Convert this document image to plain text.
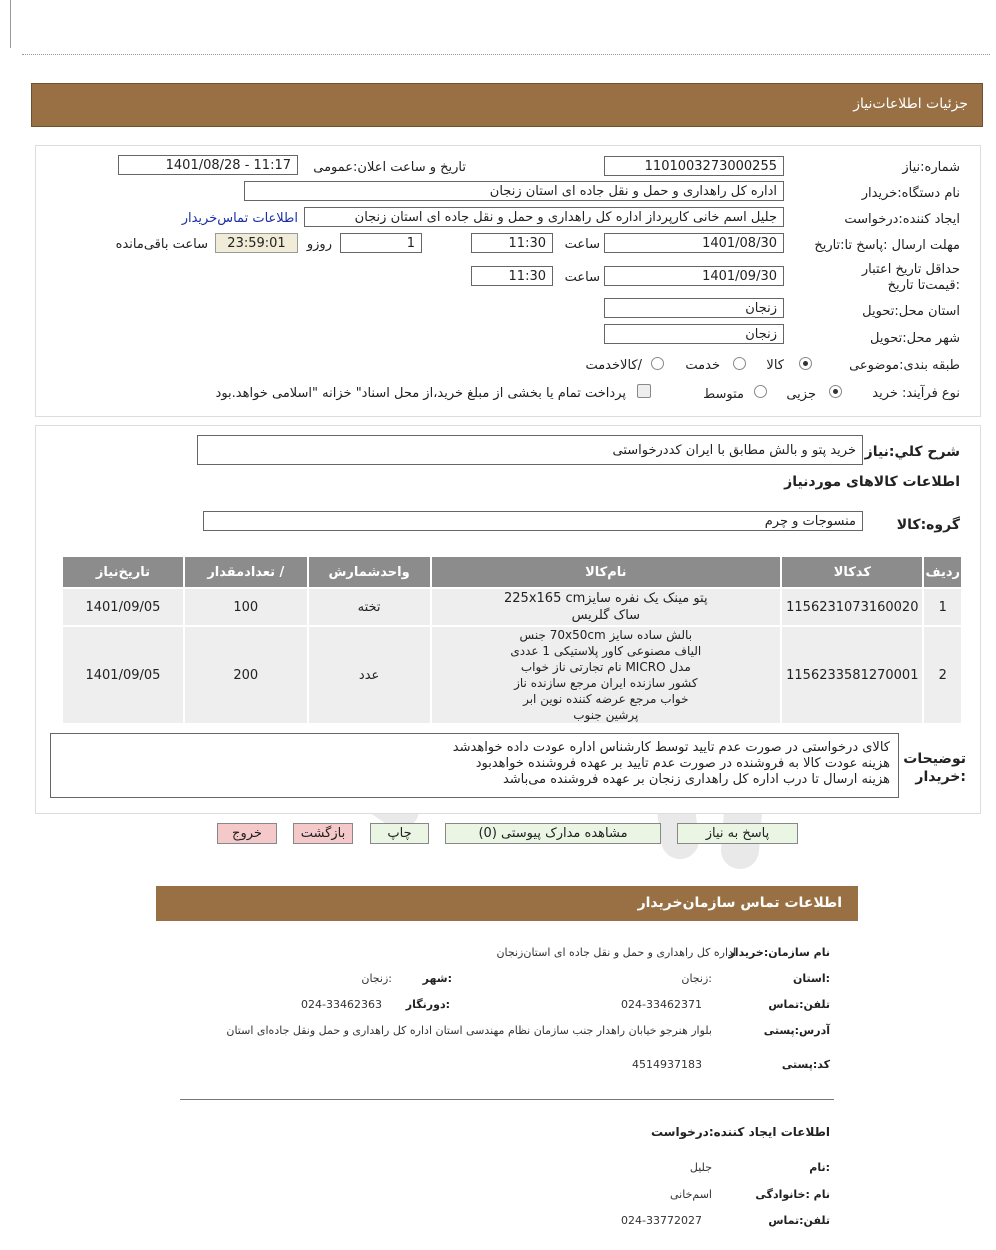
جزئیات اطلاعات‌نیاز
شماره:نیاز
1101003273000255
تاریخ و ساعت اعلان:عمومی
1401/08/28 - 11:17
نام دستگاه:خریدار
اداره کل راهداری و حمل و نقل جاده ای استان زنجان
ایجاد کننده:درخواست
جلیل اسم خانی کارپرداز اداره کل راهداری و حمل و نقل جاده ای استان زنجان
اطلاعات تماس‌خریدار
مهلت ارسال :پاسخ تا:تاریخ
1401/08/30
ساعت
11:30
1
روزو
23:59:01
ساعت باقی‌مانده
حداقل تاریخ اعتبار :قیمت‌تا تاریخ
1401/09/30
ساعت
11:30
استان محل:تحویل
زنجان
شهر محل:تحویل
زنجان
طبقه بندی:موضوعی
کالا
خدمت
/کالاخدمت
نوع فرآیند: خرید
جزیی
متوسط
پرداخت تمام یا بخشی از مبلغ خرید،از محل اسناد" خزانه "اسلامی خواهد.بود
شرح کلي:نياز
خرید پتو و بالش مطابق با ایران کددرخواستی
اطلاعات کالاهای موردنیاز
گروه:کالا
منسوجات و چرم
ردیف	کدکالا	نام‌کالا	واحدشمارش	/ تعدادمقدار	تاریخ‌نیاز
1	1156231073160020	پتو مینک یک نفره سایز225x165 cm ساک گلریس	تخته	100	1401/09/05
2	1156233581270001	بالش ساده سایز 70x50cm جنس الیاف مصنوعی کاور پلاستیکی 1 عددی مدل MICRO نام تجارتی ناز خواب کشور سازنده ایران مرجع سازنده ناز خواب مرجع عرضه کننده نوین ابر پرشین جنوب	عدد	200	1401/09/05
توضیحات :خریدار
کالای درخواستی در صورت عدم تایید توسط کارشناس اداره عودت داده خواهدشد
هزینه عودت کالا به فروشنده در صورت عدم تایید بر عهده فروشنده خواهدبود
هزینه ارسال تا درب اداره کل راهداری زنجان بر عهده فروشنده می‌باشد
پاسخ به نیاز
مشاهده مدارک پیوستی (0)
چاپ
بازگشت
خروج
اطلاعات تماس سازمان‌خریدار
نام سازمان:خریدار
اداره کل راهداری و حمل و نقل جاده ای استان‌زنجان
:استان
:زنجان
:شهر
:زنجان
تلفن:تماس
024-33462371
:دورنگار
024-33462363
آدرس:پستی
بلوار هنرجو خیابان راهدار جنب سازمان نظام مهندسی استان اداره کل راهداری و حمل ونقل جاده‌ای استان
کد:پستی
4514937183
اطلاعات ایجاد کننده:درخواست
:نام
جلیل
نام :خانوادگی
اسم‌خانی
تلفن:تماس
024-33772027
